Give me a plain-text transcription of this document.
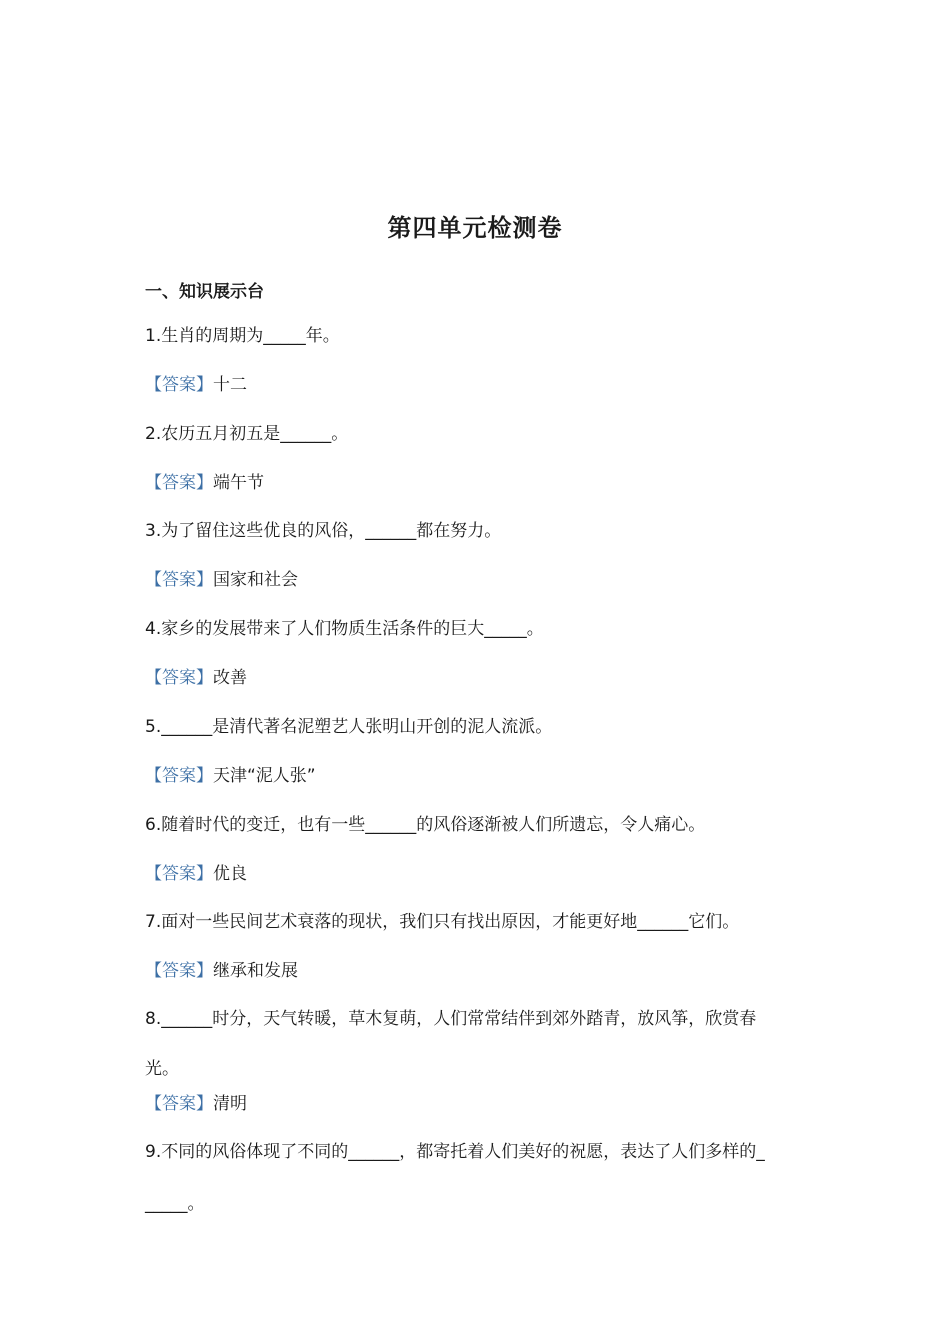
第四单元检测卷
一、知识展示台
1.生肖的周期为_____年。
【答案】十二
2.农历五月初五是______。
【答案】端午节
3.为了留住这些优良的风俗，______都在努力。
【答案】国家和社会
4.家乡的发展带来了人们物质生活条件的巨大_____。
【答案】改善
5.______是清代著名泥塑艺人张明山开创的泥人流派。
【答案】天津“泥人张”
6.随着时代的变迁，也有一些______的风俗逐渐被人们所遗忘，令人痛心。
【答案】优良
7.面对一些民间艺术衰落的现状，我们只有找出原因，才能更好地______它们。
【答案】继承和发展
8.______时分，天气转暖，草木复萌，人们常常结伴到郊外踏青，放风筝，欣赏春
光。
【答案】清明
9.不同的风俗体现了不同的______，都寄托着人们美好的祝愿，表达了人们多样的_
_____。
